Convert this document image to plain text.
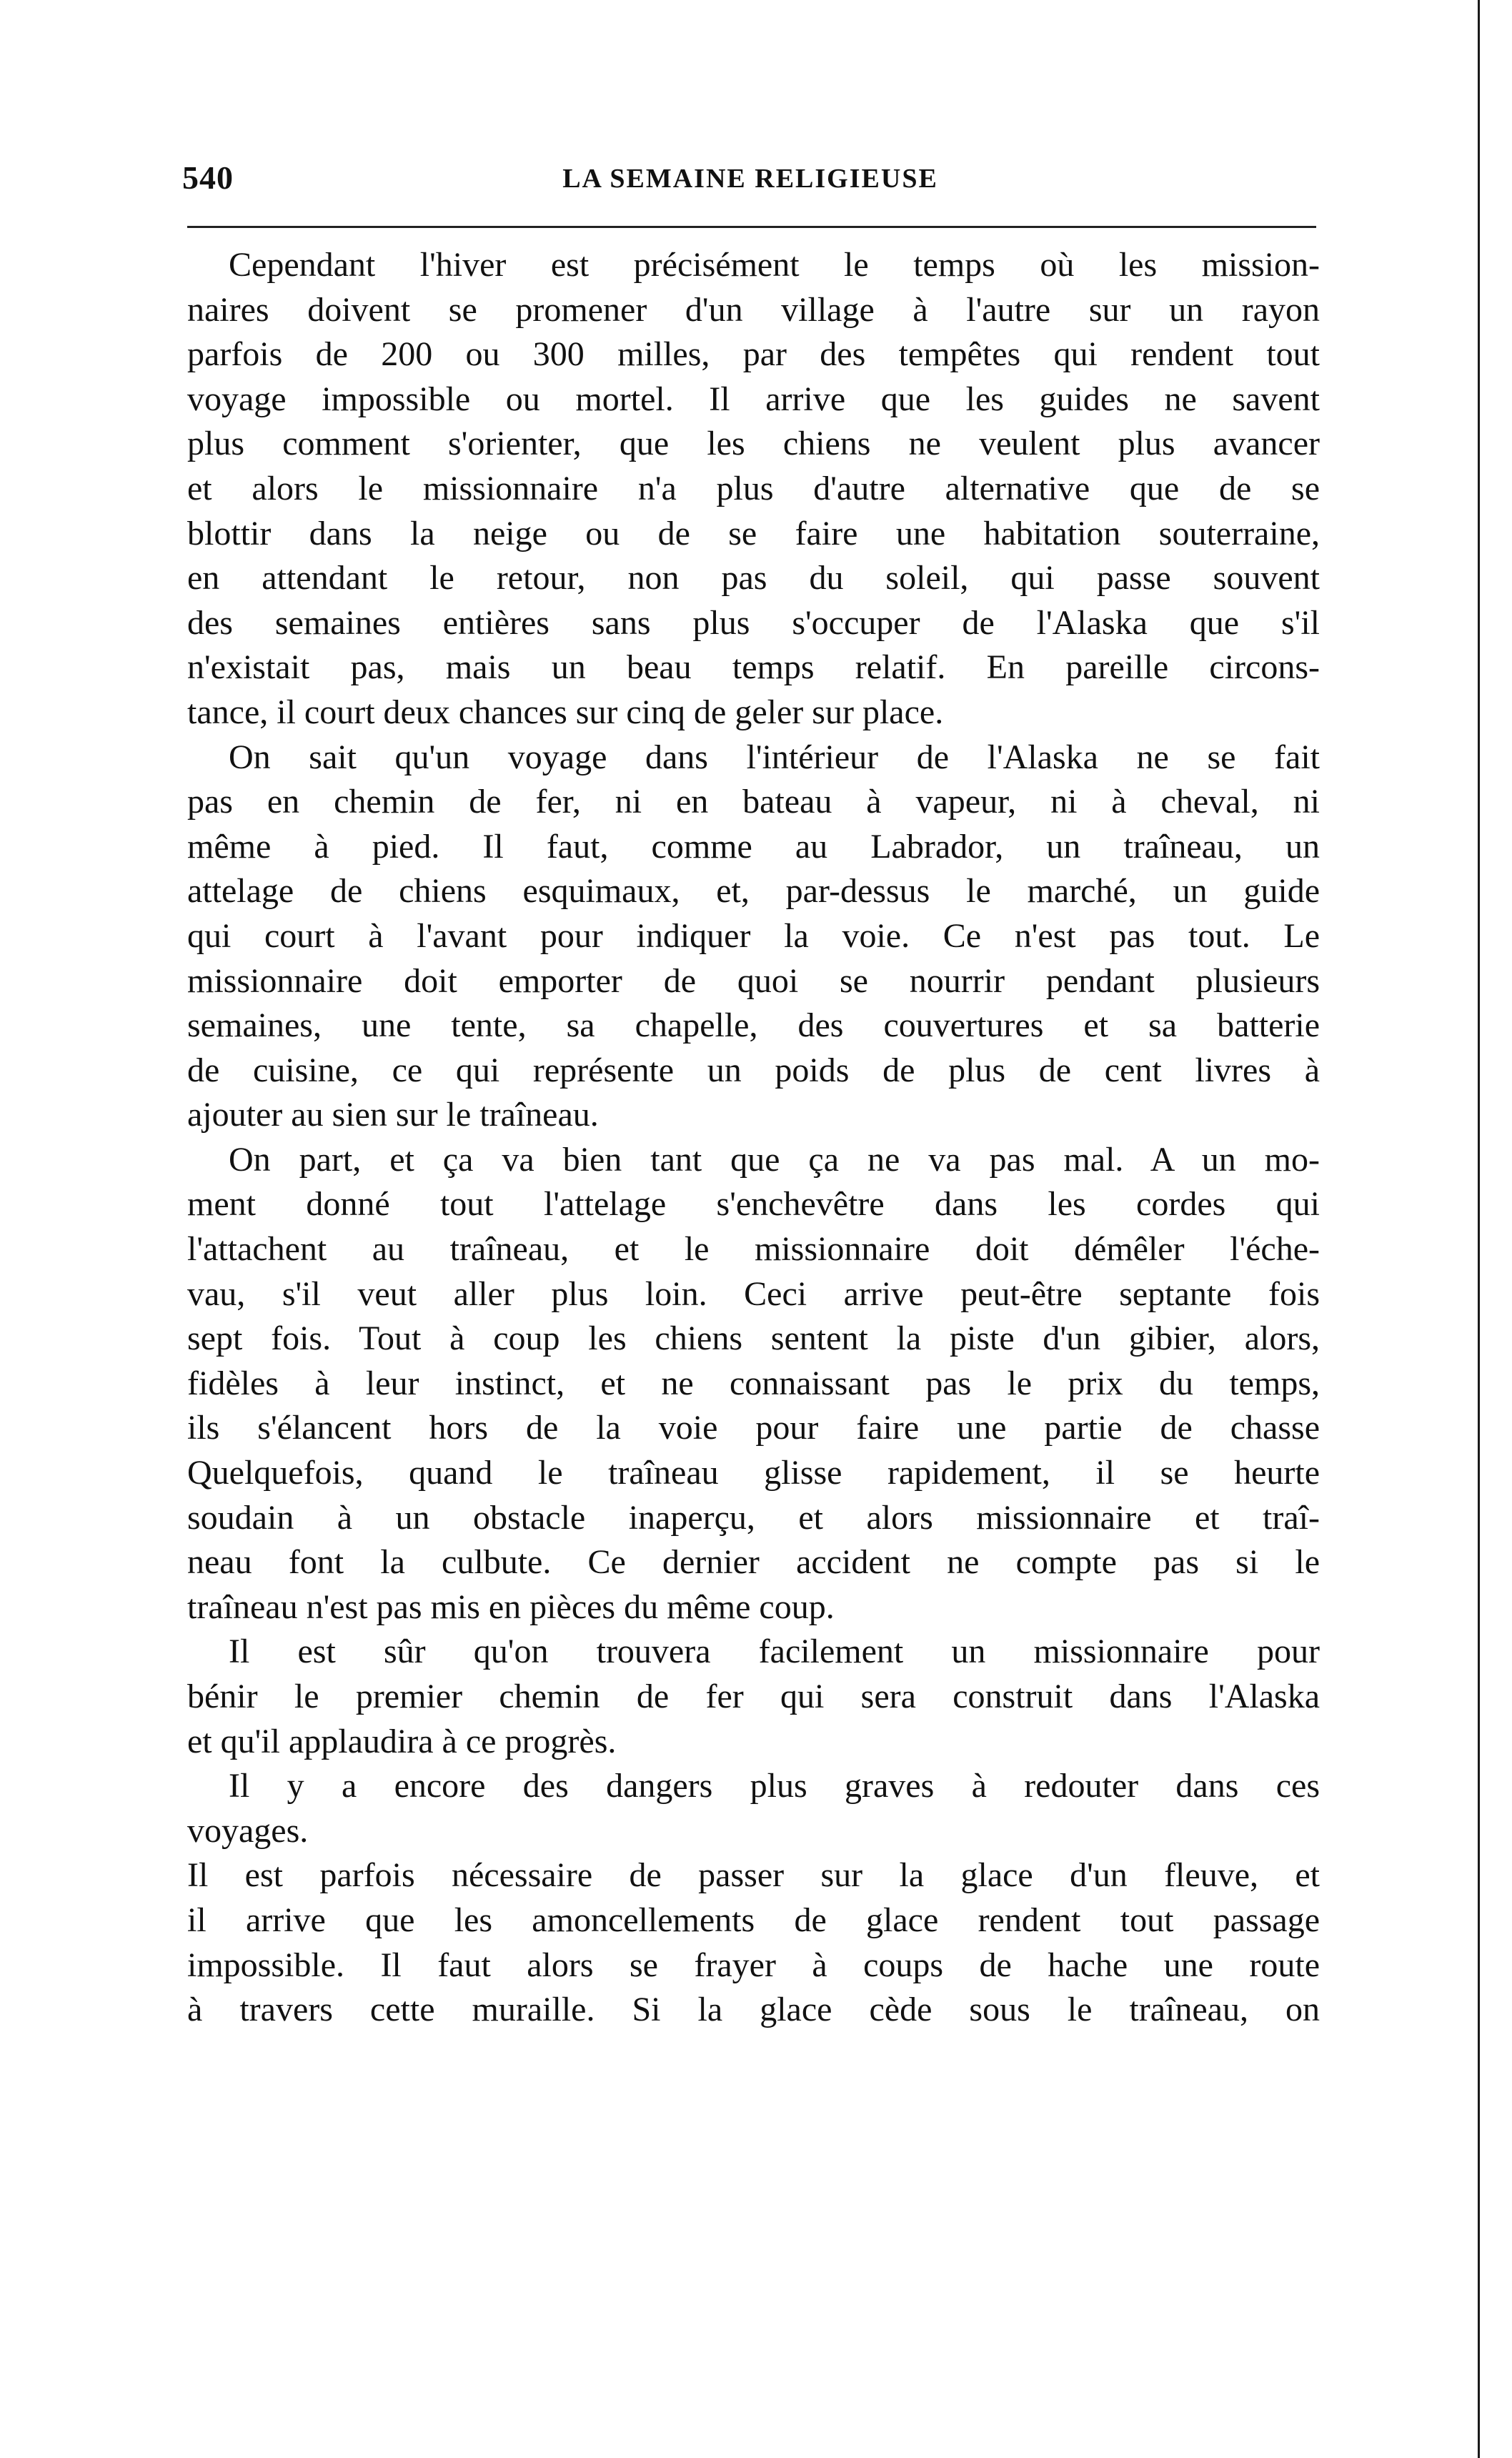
540	LA SEMAINE RELIGIEUSE
Cependant l'hiver est précisément le temps où les mission-
naires doivent se promener d'un village à l'autre sur un rayon
parfois de 200 ou 300 milles, par des tempêtes qui rendent tout
voyage impossible ou mortel. Il arrive que les guides ne savent
plus comment s'orienter, que les chiens ne veulent plus avancer
et alors le missionnaire n'a plus d'autre alternative que de se
blottir dans la neige ou de se faire une habitation souterraine,
en attendant le retour, non pas du soleil, qui passe souvent
des semaines entières sans plus s'occuper de l'Alaska que s'il
n'existait pas, mais un beau temps relatif. En pareille circons-
tance, il court deux chances sur cinq de geler sur place.
On sait qu'un voyage dans l'intérieur de l'Alaska ne se fait
pas en chemin de fer, ni en bateau à vapeur, ni à cheval, ni
même à pied. Il faut, comme au Labrador, un traîneau, un
attelage de chiens esquimaux, et, par-dessus le marché, un guide
qui court à l'avant pour indiquer la voie. Ce n'est pas tout. Le
missionnaire doit emporter de quoi se nourrir pendant plusieurs
semaines, une tente, sa chapelle, des couvertures et sa batterie
de cuisine, ce qui représente un poids de plus de cent livres à
ajouter au sien sur le traîneau.
On part, et ça va bien tant que ça ne va pas mal. A un mo-
ment donné tout l'attelage s'enchevêtre dans les cordes qui
l'attachent au traîneau, et le missionnaire doit démêler l'éche-
vau, s'il veut aller plus loin. Ceci arrive peut-être septante fois
sept fois. Tout à coup les chiens sentent la piste d'un gibier, alors,
fidèles à leur instinct, et ne connaissant pas le prix du temps,
ils s'élancent hors de la voie pour faire une partie de chasse
Quelquefois, quand le traîneau glisse rapidement, il se heurte
soudain à un obstacle inaperçu, et alors missionnaire et traî-
neau font la culbute. Ce dernier accident ne compte pas si le
traîneau n'est pas mis en pièces du même coup.
Il est sûr qu'on trouvera facilement un missionnaire pour
bénir le premier chemin de fer qui sera construit dans l'Alaska
et qu'il applaudira à ce progrès.
Il y a encore des dangers plus graves à redouter dans ces
voyages.
Il est parfois nécessaire de passer sur la glace d'un fleuve, et
il arrive que les amoncellements de glace rendent tout passage
impossible. Il faut alors se frayer à coups de hache une route
à travers cette muraille. Si la glace cède sous le traîneau, on
